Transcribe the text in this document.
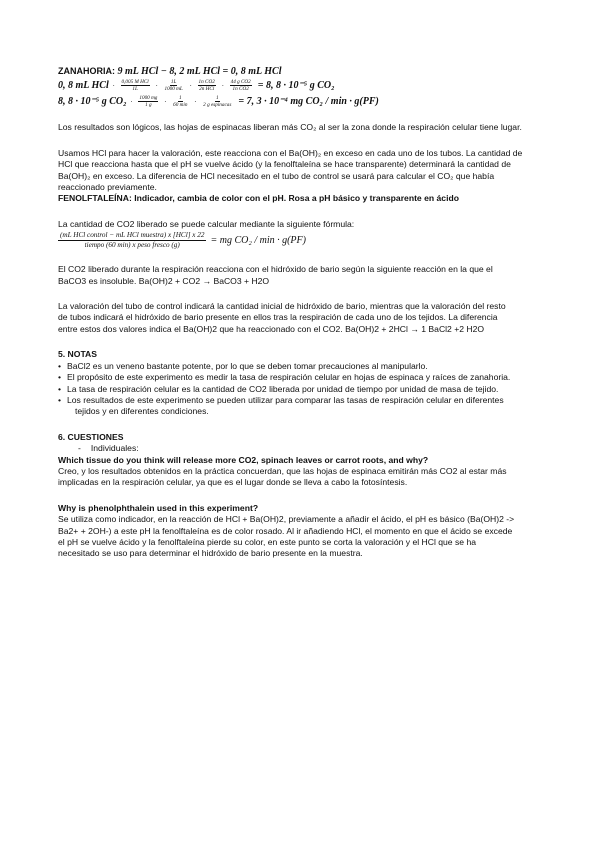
ZANAHORIA: 9 mL HCl − 8, 2 mL HCl = 0, 8 mL HCl
0, 8 mL HCl · $\frac{\text{0,005 M HCl}}{1L} \cdot \frac{1L}{1000 mL} \cdot \frac{\text{1n CO2}}{\text{2n HCl}} \cdot \frac{\text{44 g CO2}}{\text{1n CO2}} = 8$, 8 · 10⁻⁵ g CO₂
8, 8 · 10⁻⁵ g $CO_2 \cdot \frac{1000 mg}{1 g} \cdot \frac{1}{60 \min} \cdot \frac{1}{\text{2 g espinacas}} = 7$, 3 · 10⁻⁴ mg CO₂ / min · g(PF)
Los resultados son lógicos, las hojas de espinacas liberan más CO₂ al ser la zona donde la respiración celular tiene lugar.
Usamos HCl para hacer la valoración, este reacciona con el Ba(OH)₂ en exceso en cada uno de los tubos. La cantidad de
HCl que reacciona hasta que el pH se vuelve ácido (y la fenolftaleína se hace transparente) determinará la cantidad de
Ba(OH)₂ en exceso. La diferencia de HCl necesitado en el tubo de control se usará para calcular el CO₂ que había
reaccionado previamente.
FENOLFTALEÍNA: Indicador, cambia de color con el pH. Rosa a pH básico y transparente en ácido
La cantidad de CO2 liberado se puede calcular mediante la siguiente fórmula:
$\frac{\text{(mL HCl control − mL HCl muestra) x [HCl] x 22}}{\text{tiempo (60 min) x peso fresco (g)}}$ = mg CO₂ / min · g(PF)
El CO2 liberado durante la respiración reacciona con el hidróxido de bario según la siguiente reacción en la que el
BaCO3 es insoluble. Ba(OH)2 + CO2 → BaCO3 + H2O
La valoración del tubo de control indicará la cantidad inicial de hidróxido de bario, mientras que la valoración del resto
de tubos indicará el hidróxido de bario presente en ellos tras la respiración de cada uno de los tejidos. La diferencia
entre estos dos valores indica el Ba(OH)2 que ha reaccionado con el CO2. Ba(OH)2 + 2HCl → 1 BaCl2 +2 H2O
5. NOTAS
• BaCl2 es un veneno bastante potente, por lo que se deben tomar precauciones al manipularlo.
• El propósito de este experimento es medir la tasa de respiración celular en hojas de espinaca y raíces de zanahoria.
• La tasa de respiración celular es la cantidad de CO2 liberada por unidad de tiempo por unidad de masa de tejido.
• Los resultados de este experimento se pueden utilizar para comparar las tasas de respiración celular en diferentes
tejidos y en diferentes condiciones.
6. CUESTIONES
- Individuales:
Which tissue do you think will release more CO2, spinach leaves or carrot roots, and why?
Creo, y los resultados obtenidos en la práctica concuerdan, que las hojas de espinaca emitirán más CO2 al estar más
implicadas en la respiración celular, ya que es el lugar donde se lleva a cabo la fotosíntesis.
Why is phenolphthalein used in this experiment?
Se utiliza como indicador, en la reacción de HCl + Ba(OH)2, previamente a añadir el ácido, el pH es básico (Ba(OH)2 ->
Ba2+ + 2OH-) a este pH la fenolftaleína es de color rosado. Al ir añadiendo HCl, el momento en que el ácido se excede
el pH se vuelve ácido y la fenolftaleína pierde su color, en este punto se corta la valoración y el HCl que se ha
necesitado se uso para determinar el hidróxido de bario presente en la muestra.
